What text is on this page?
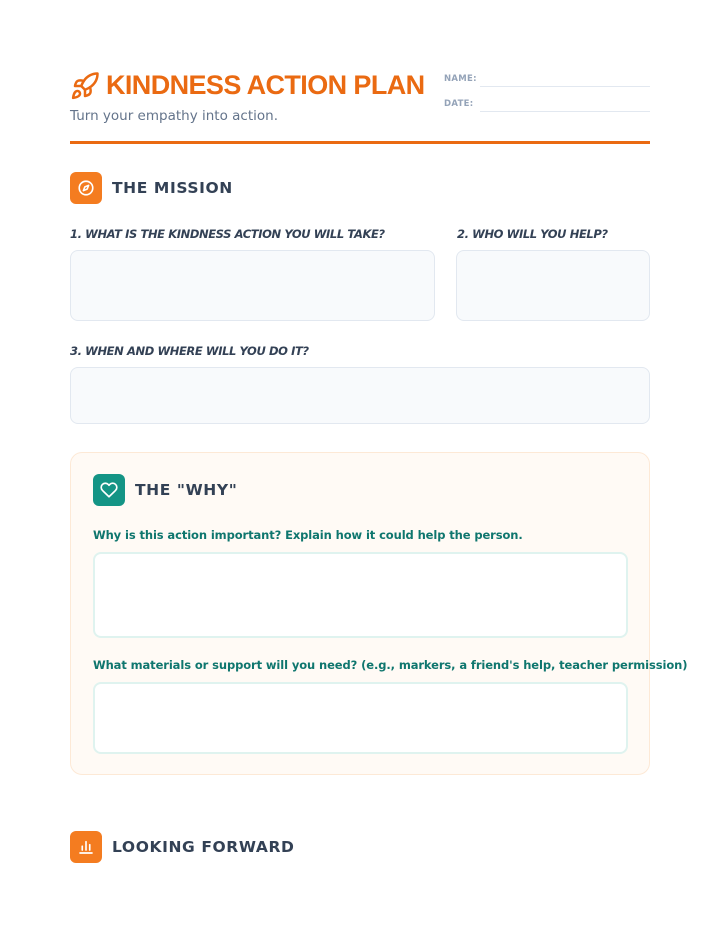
KINDNESS ACTION PLAN
Turn your empathy into action.
NAME:
DATE:
THE MISSION
1. WHAT IS THE KINDNESS ACTION YOU WILL TAKE?	2. WHO WILL YOU HELP?
3. WHEN AND WHERE WILL YOU DO IT?
THE "WHY"
Why is this action important? Explain how it could help the person.
What materials or support will you need? (e.g., markers, a friend's help, teacher permission)
LOOKING FORWARD
